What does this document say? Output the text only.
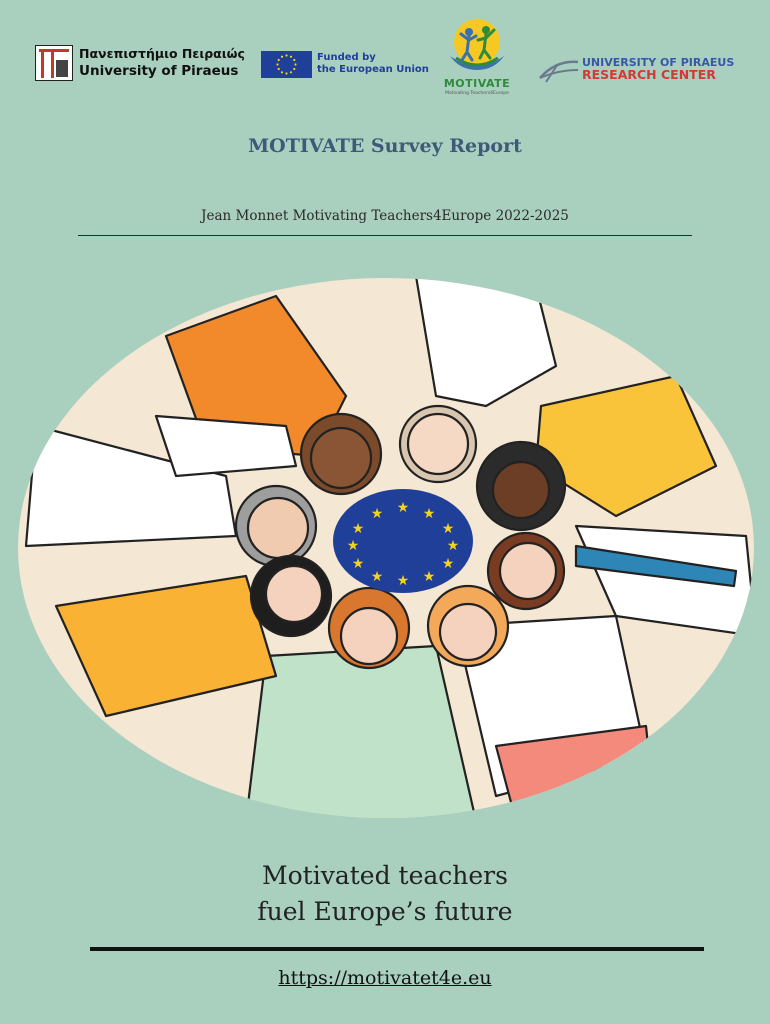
Πανεπιστήμιο Πειραιώς
University of Piraeus
Funded by
the European Union
MOTIVATE
Motivating Teachers4Europe
UNIVERSITY OF PIRAEUS
RESEARCH CENTER
MOTIVATE Survey Report
Jean Monnet Motivating Teachers4Europe 2022-2025
★ ★
★
★
★
★
★
★
★
★
★
★
Motivated teachers
fuel Europe’s future
https://motivatet4e.eu
